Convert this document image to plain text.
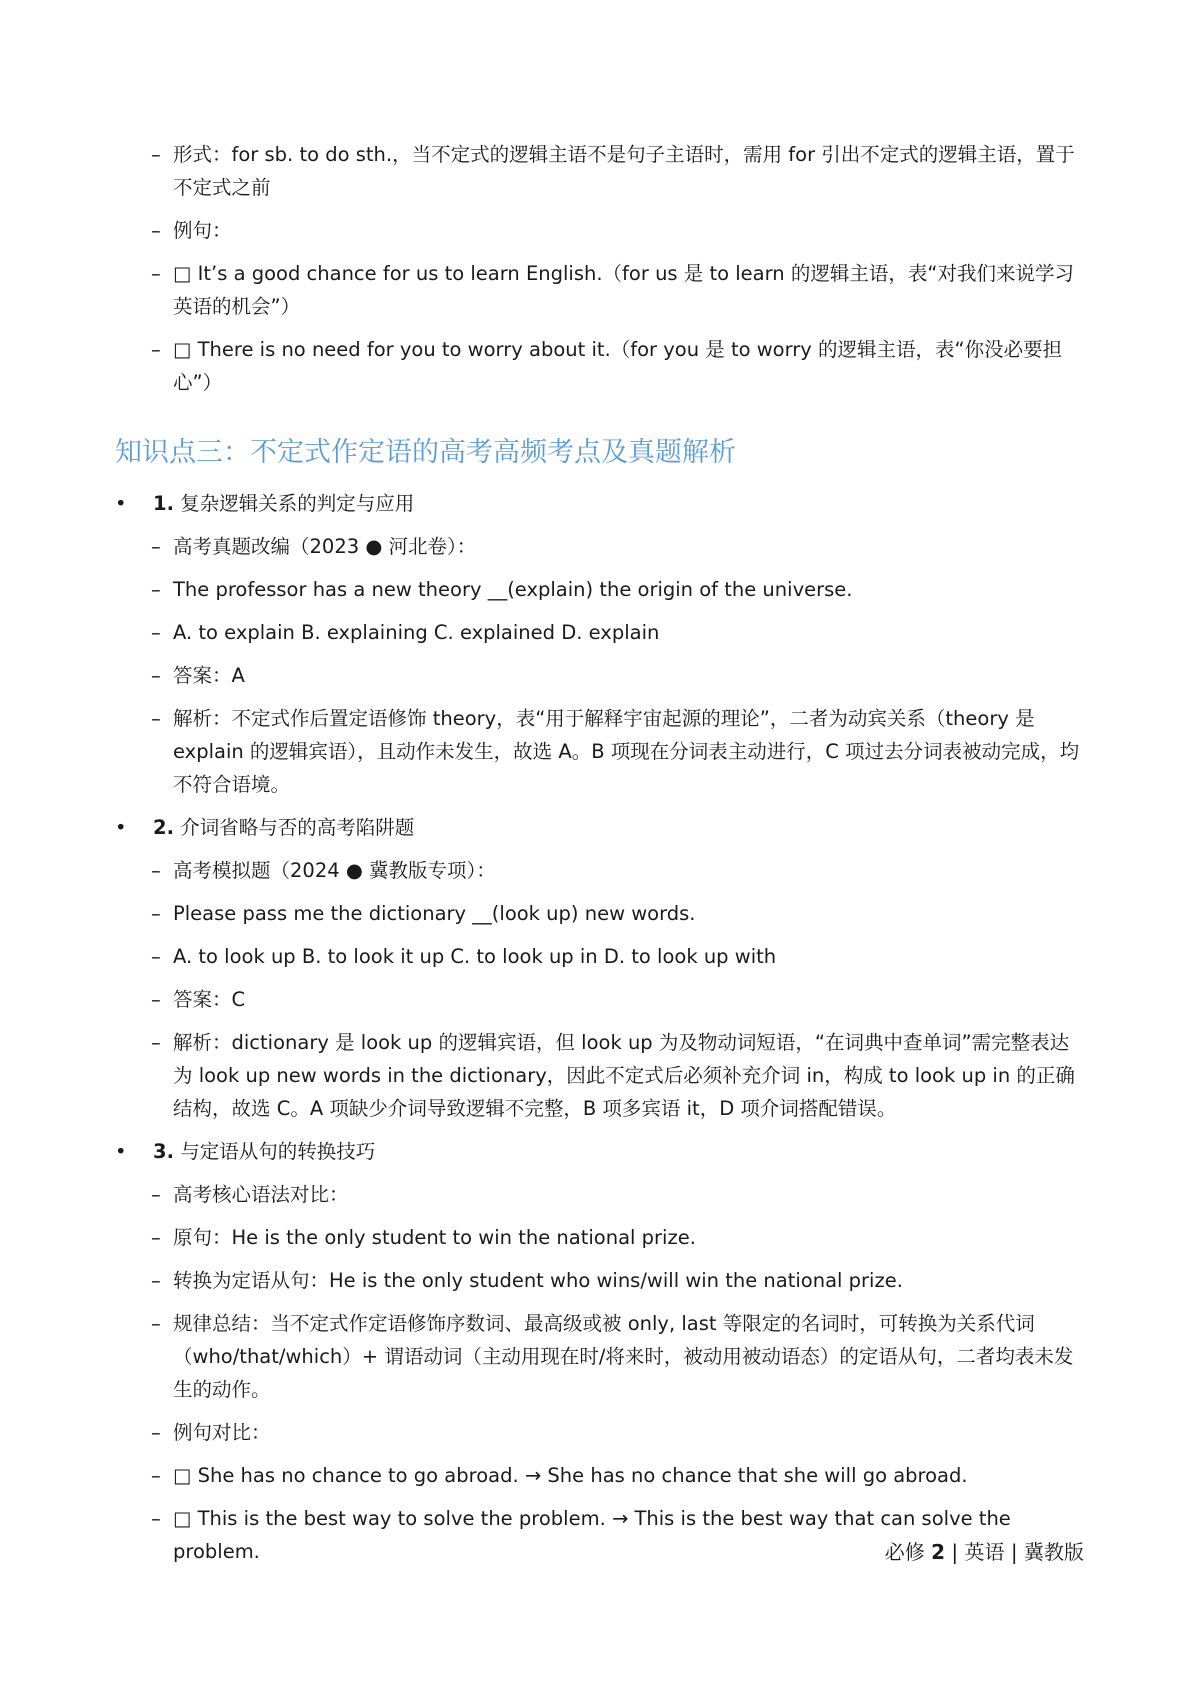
– 形式：for sb. to do sth.，当不定式的逻辑主语不是句子主语时，需用 for 引出不定式的逻辑主语，置于不定式之前
– 例句：
– □ It’s a good chance for us to learn English.（for us 是 to learn 的逻辑主语，表“对我们来说学习英语的机会”）
– □ There is no need for you to worry about it.（for you 是 to worry 的逻辑主语，表“你没必要担心”）
知识点三：不定式作定语的高考高频考点及真题解析
•	1. 复杂逻辑关系的判定与应用
– 高考真题改编（2023 ● 河北卷）：
– The professor has a new theory __(explain) the origin of the universe.
– A. to explain B. explaining C. explained D. explain
– 答案：A
– 解析：不定式作后置定语修饰 theory，表“用于解释宇宙起源的理论”，二者为动宾关系（theory 是 explain 的逻辑宾语），且动作未发生，故选 A。B 项现在分词表主动进行，C 项过去分词表被动完成，均不符合语境。
•	2. 介词省略与否的高考陷阱题
– 高考模拟题（2024 ● 冀教版专项）：
– Please pass me the dictionary __(look up) new words.
– A. to look up B. to look it up C. to look up in D. to look up with
– 答案：C
– 解析：dictionary 是 look up 的逻辑宾语，但 look up 为及物动词短语，“在词典中查单词”需完整表达为 look up new words in the dictionary，因此不定式后必须补充介词 in，构成 to look up in 的正确结构，故选 C。A 项缺少介词导致逻辑不完整，B 项多宾语 it，D 项介词搭配错误。
•	3. 与定语从句的转换技巧
– 高考核心语法对比：
– 原句：He is the only student to win the national prize.
– 转换为定语从句：He is the only student who wins/will win the national prize.
– 规律总结：当不定式作定语修饰序数词、最高级或被 only, last 等限定的名词时，可转换为关系代词（who/that/which）+ 谓语动词（主动用现在时/将来时，被动用被动语态）的定语从句，二者均表未发生的动作。
– 例句对比：
– □ She has no chance to go abroad. → She has no chance that she will go abroad.
– □ This is the best way to solve the problem. → This is the best way that can solve the problem.	必修 2 | 英语 | 冀教版
